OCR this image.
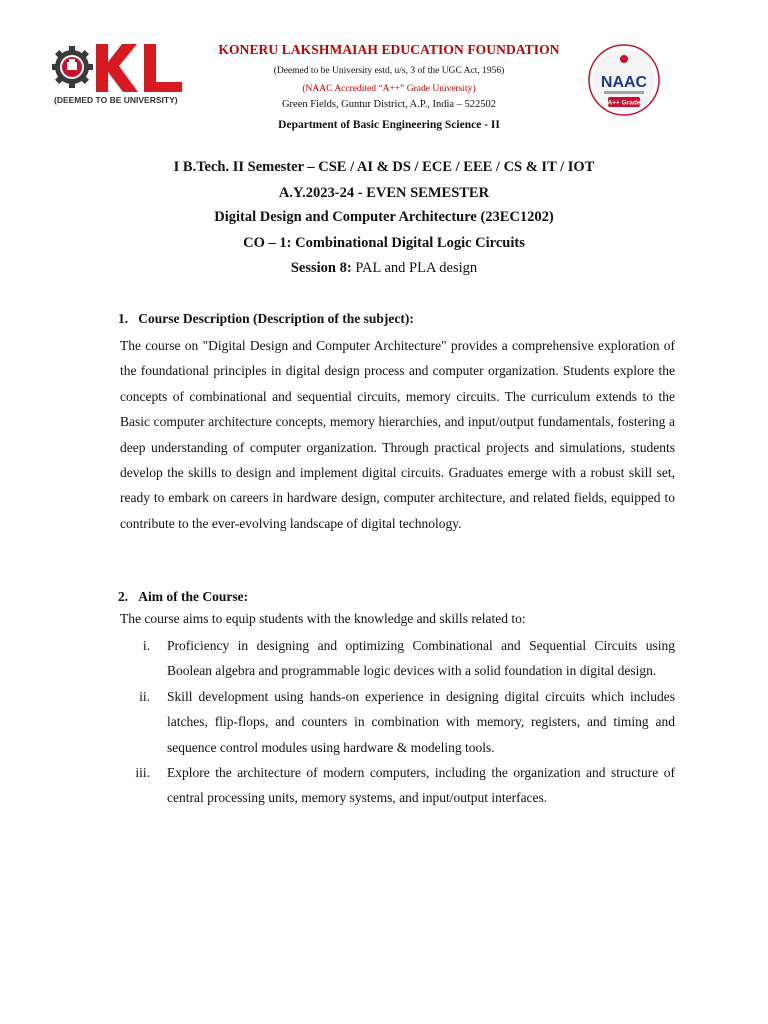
(DEEMED TO BE UNIVERSITY)
NAAC
A++ Grade
KONERU LAKSHMAIAH EDUCATION FOUNDATION
(Deemed to be University estd, u/s, 3 of the UGC Act, 1956)
(NAAC Accredited “A++” Grade University)
Green Fields, Guntur District, A.P., India – 522502
Department of Basic Engineering Science - II
I B.Tech. II Semester – CSE / AI & DS / ECE / EEE / CS & IT / IOT
A.Y.2023-24 - EVEN SEMESTER
Digital Design and Computer Architecture (23EC1202)
CO – 1: Combinational Digital Logic Circuits
Session 8: PAL and PLA design
1.   Course Description (Description of the subject):

The course on "Digital Design and Computer Architecture" provides a comprehensive exploration of the foundational principles in digital design process and computer organization. Students explore the concepts of combinational and sequential circuits, memory circuits. The curriculum extends to the Basic computer architecture concepts, memory hierarchies, and input/output fundamentals, fostering a deep understanding of computer organization. Through practical projects and simulations, students develop the skills to design and implement digital circuits. Graduates emerge with a robust skill set, ready to embark on careers in hardware design, computer architecture, and related fields, equipped to contribute to the ever-evolving landscape of digital technology.

2.   Aim of the Course:
The course aims to equip students with the knowledge and skills related to:
i. Proficiency in designing and optimizing Combinational and Sequential Circuits using Boolean algebra and programmable logic devices with a solid foundation in digital design.
ii. Skill development using hands-on experience in designing digital circuits which includes latches, flip-flops, and counters in combination with memory, registers, and timing and sequence control modules using hardware & modeling tools.
iii. Explore the architecture of modern computers, including the organization and structure of central processing units, memory systems, and input/output interfaces.
